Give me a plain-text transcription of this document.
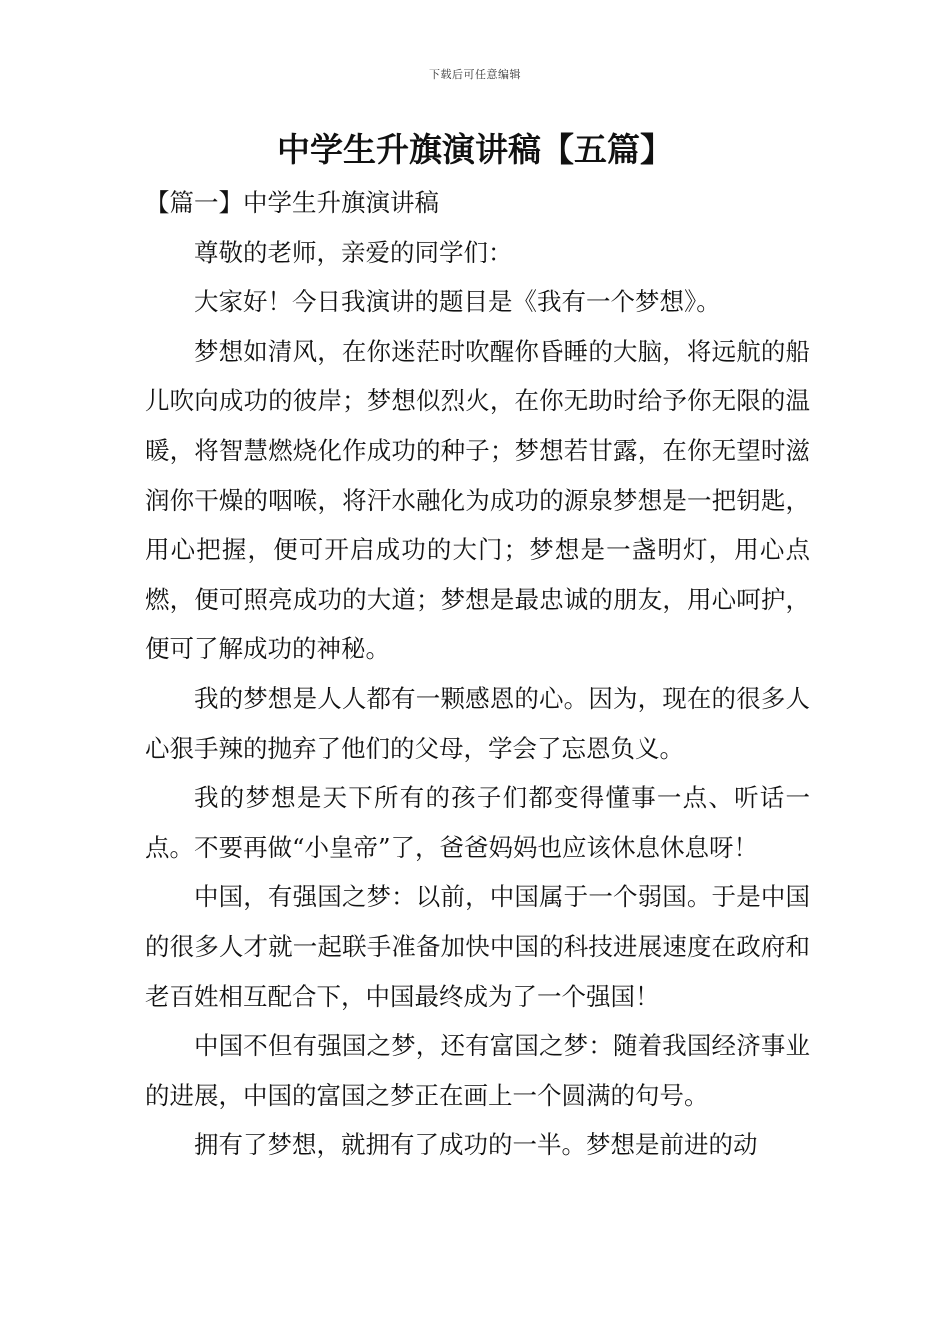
下载后可任意编辑
中学生升旗演讲稿【五篇】
【篇一】中学生升旗演讲稿

尊敬的老师，亲爱的同学们：

大家好！今日我演讲的题目是《我有一个梦想》。

梦想如清风，在你迷茫时吹醒你昏睡的大脑，将远航的船儿吹向成功的彼岸；梦想似烈火，在你无助时给予你无限的温暖，将智慧燃烧化作成功的种子；梦想若甘露，在你无望时滋润你干燥的咽喉，将汗水融化为成功的源泉梦想是一把钥匙，用心把握，便可开启成功的大门；梦想是一盏明灯，用心点燃，便可照亮成功的大道；梦想是最忠诚的朋友，用心呵护，便可了解成功的神秘。

我的梦想是人人都有一颗感恩的心。因为，现在的很多人心狠手辣的抛弃了他们的父母，学会了忘恩负义。

我的梦想是天下所有的孩子们都变得懂事一点、听话一点。不要再做“小皇帝”了，爸爸妈妈也应该休息休息呀！

中国，有强国之梦：以前，中国属于一个弱国。于是中国的很多人才就一起联手准备加快中国的科技进展速度在政府和老百姓相互配合下，中国最终成为了一个强国！

中国不但有强国之梦，还有富国之梦：随着我国经济事业的进展，中国的富国之梦正在画上一个圆满的句号。

拥有了梦想，就拥有了成功的一半。梦想是前进的动
